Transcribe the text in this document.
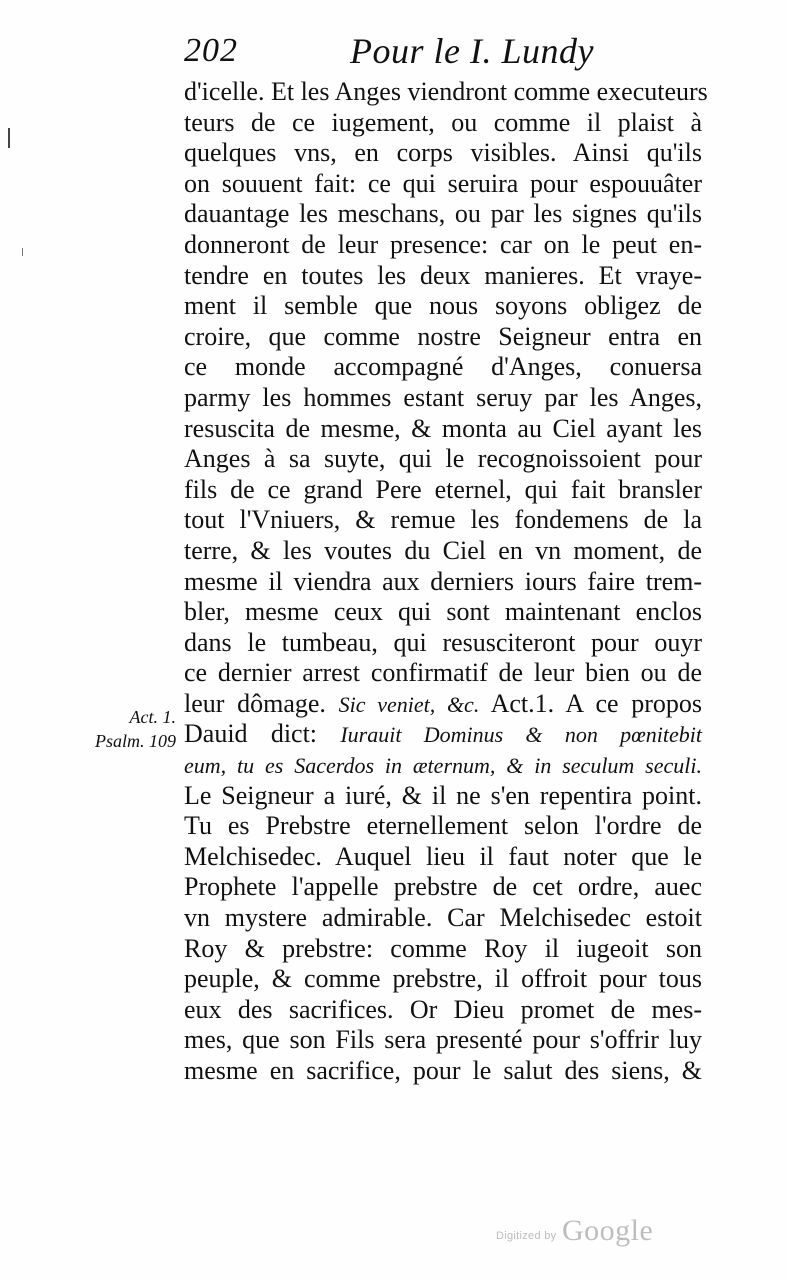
202	Pour le I. Lundy
d'icelle. Et les Anges viendront comme executeurs
teurs de ce iugement, ou comme il plaist à
quelques vns, en corps visibles. Ainsi qu'ils
on souuent fait: ce qui seruira pour espouuâter
dauantage les meschans, ou par les signes qu'ils
donneront de leur presence: car on le peut en-
tendre en toutes les deux manieres. Et vraye-
ment il semble que nous soyons obligez de
croire, que comme nostre Seigneur entra en
ce monde accompagné d'Anges, conuersa
parmy les hommes estant seruy par les Anges,
resuscita de mesme, & monta au Ciel ayant les
Anges à sa suyte, qui le recognoissoient pour
fils de ce grand Pere eternel, qui fait bransler
tout l'Vniuers, & remue les fondemens de la
terre, & les voutes du Ciel en vn moment, de
mesme il viendra aux derniers iours faire trem-
bler, mesme ceux qui sont maintenant enclos
dans le tumbeau, qui resusciteront pour ouyr
ce dernier arrest confirmatif de leur bien ou de
leur dômage. Sic veniet, &c. Act.1. A ce propos
Dauid dict: Iurauit Dominus & non pœnitebit
eum, tu es Sacerdos in æternum, & in seculum seculi.
Le Seigneur a iuré, & il ne s'en repentira point.
Tu es Prebstre eternellement selon l'ordre de
Melchisedec. Auquel lieu il faut noter que le
Prophete l'appelle prebstre de cet ordre, auec
vn mystere admirable. Car Melchisedec estoit
Roy & prebstre: comme Roy il iugeoit son
peuple, & comme prebstre, il offroit pour tous
eux des sacrifices. Or Dieu promet de mes-
mes, que son Fils sera presenté pour s'offrir luy
mesme en sacrifice, pour le salut des siens, &
Act. 1.
Psalm. 109
Digitized by Google
